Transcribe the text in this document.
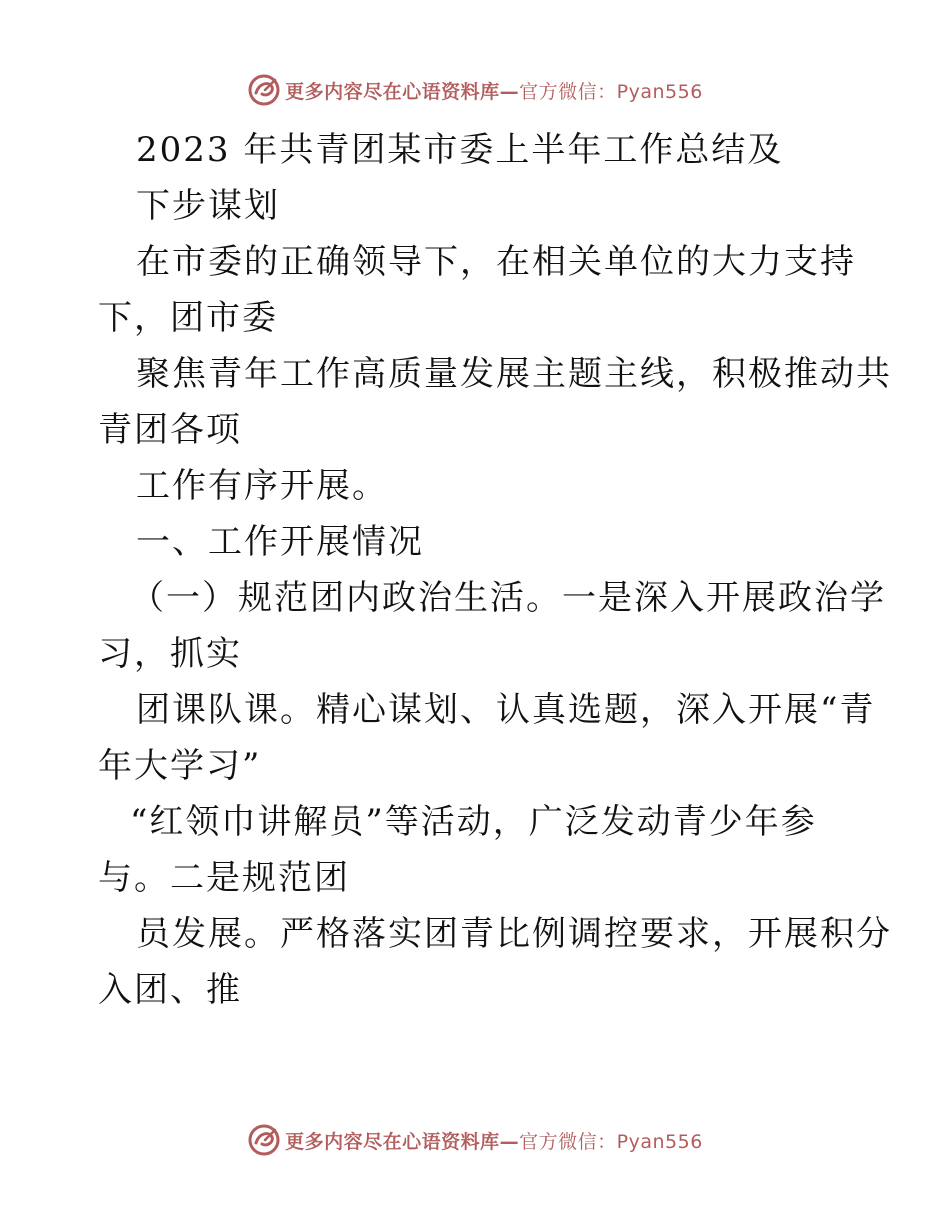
更多内容尽在心语资料库—官方微信：Pyan556
2023 年共青团某市委上半年工作总结及
下步谋划
在市委的正确领导下，在相关单位的大力支持
下，团市委
聚焦青年工作高质量发展主题主线，积极推动共
青团各项
工作有序开展。
一、工作开展情况
（一）规范团内政治生活。一是深入开展政治学
习，抓实
团课队课。精心谋划、认真选题，深入开展“青
年大学习”
“红领巾讲解员”等活动，广泛发动青少年参
与。二是规范团
员发展。严格落实团青比例调控要求，开展积分
入团、推
更多内容尽在心语资料库—官方微信：Pyan556
